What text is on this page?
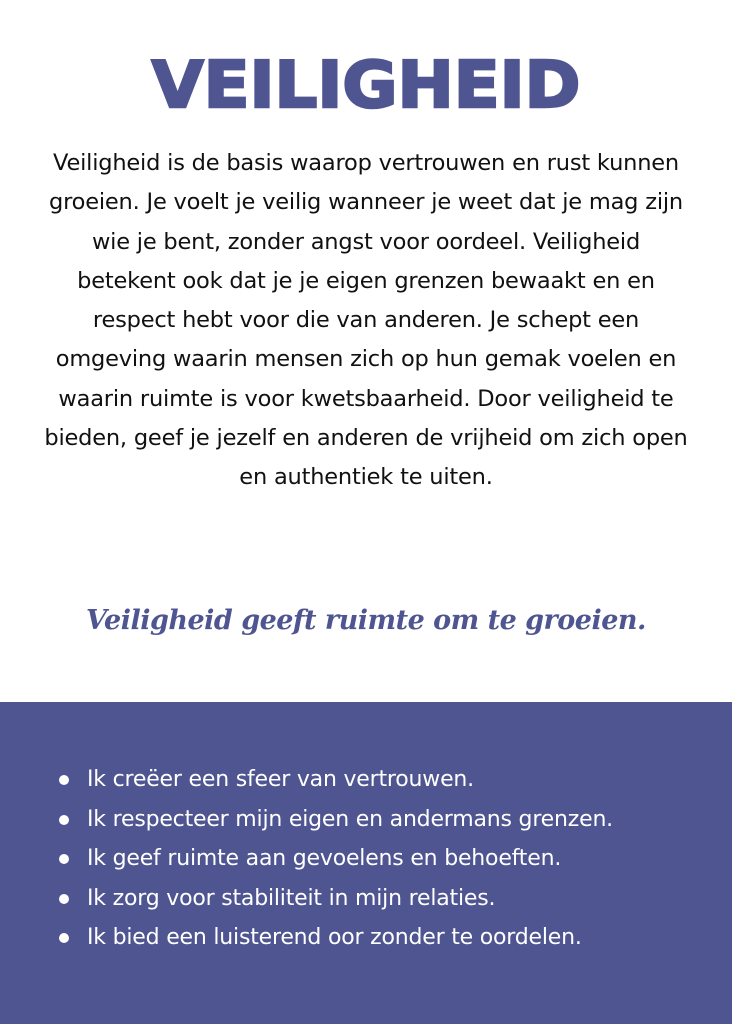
VEILIGHEID

Veiligheid is de basis waarop vertrouwen en rust kunnen groeien. Je voelt je veilig wanneer je weet dat je mag zijn wie je bent, zonder angst voor oordeel. Veiligheid betekent ook dat je je eigen grenzen bewaakt en en respect hebt voor die van anderen. Je schept een omgeving waarin mensen zich op hun gemak voelen en waarin ruimte is voor kwetsbaarheid. Door veiligheid te bieden, geef je jezelf en anderen de vrijheid om zich open en authentiek te uiten.

Veiligheid geeft ruimte om te groeien.
Ik creëer een sfeer van vertrouwen.
Ik respecteer mijn eigen en andermans grenzen.
Ik geef ruimte aan gevoelens en behoeften.
Ik zorg voor stabiliteit in mijn relaties.
Ik bied een luisterend oor zonder te oordelen.
